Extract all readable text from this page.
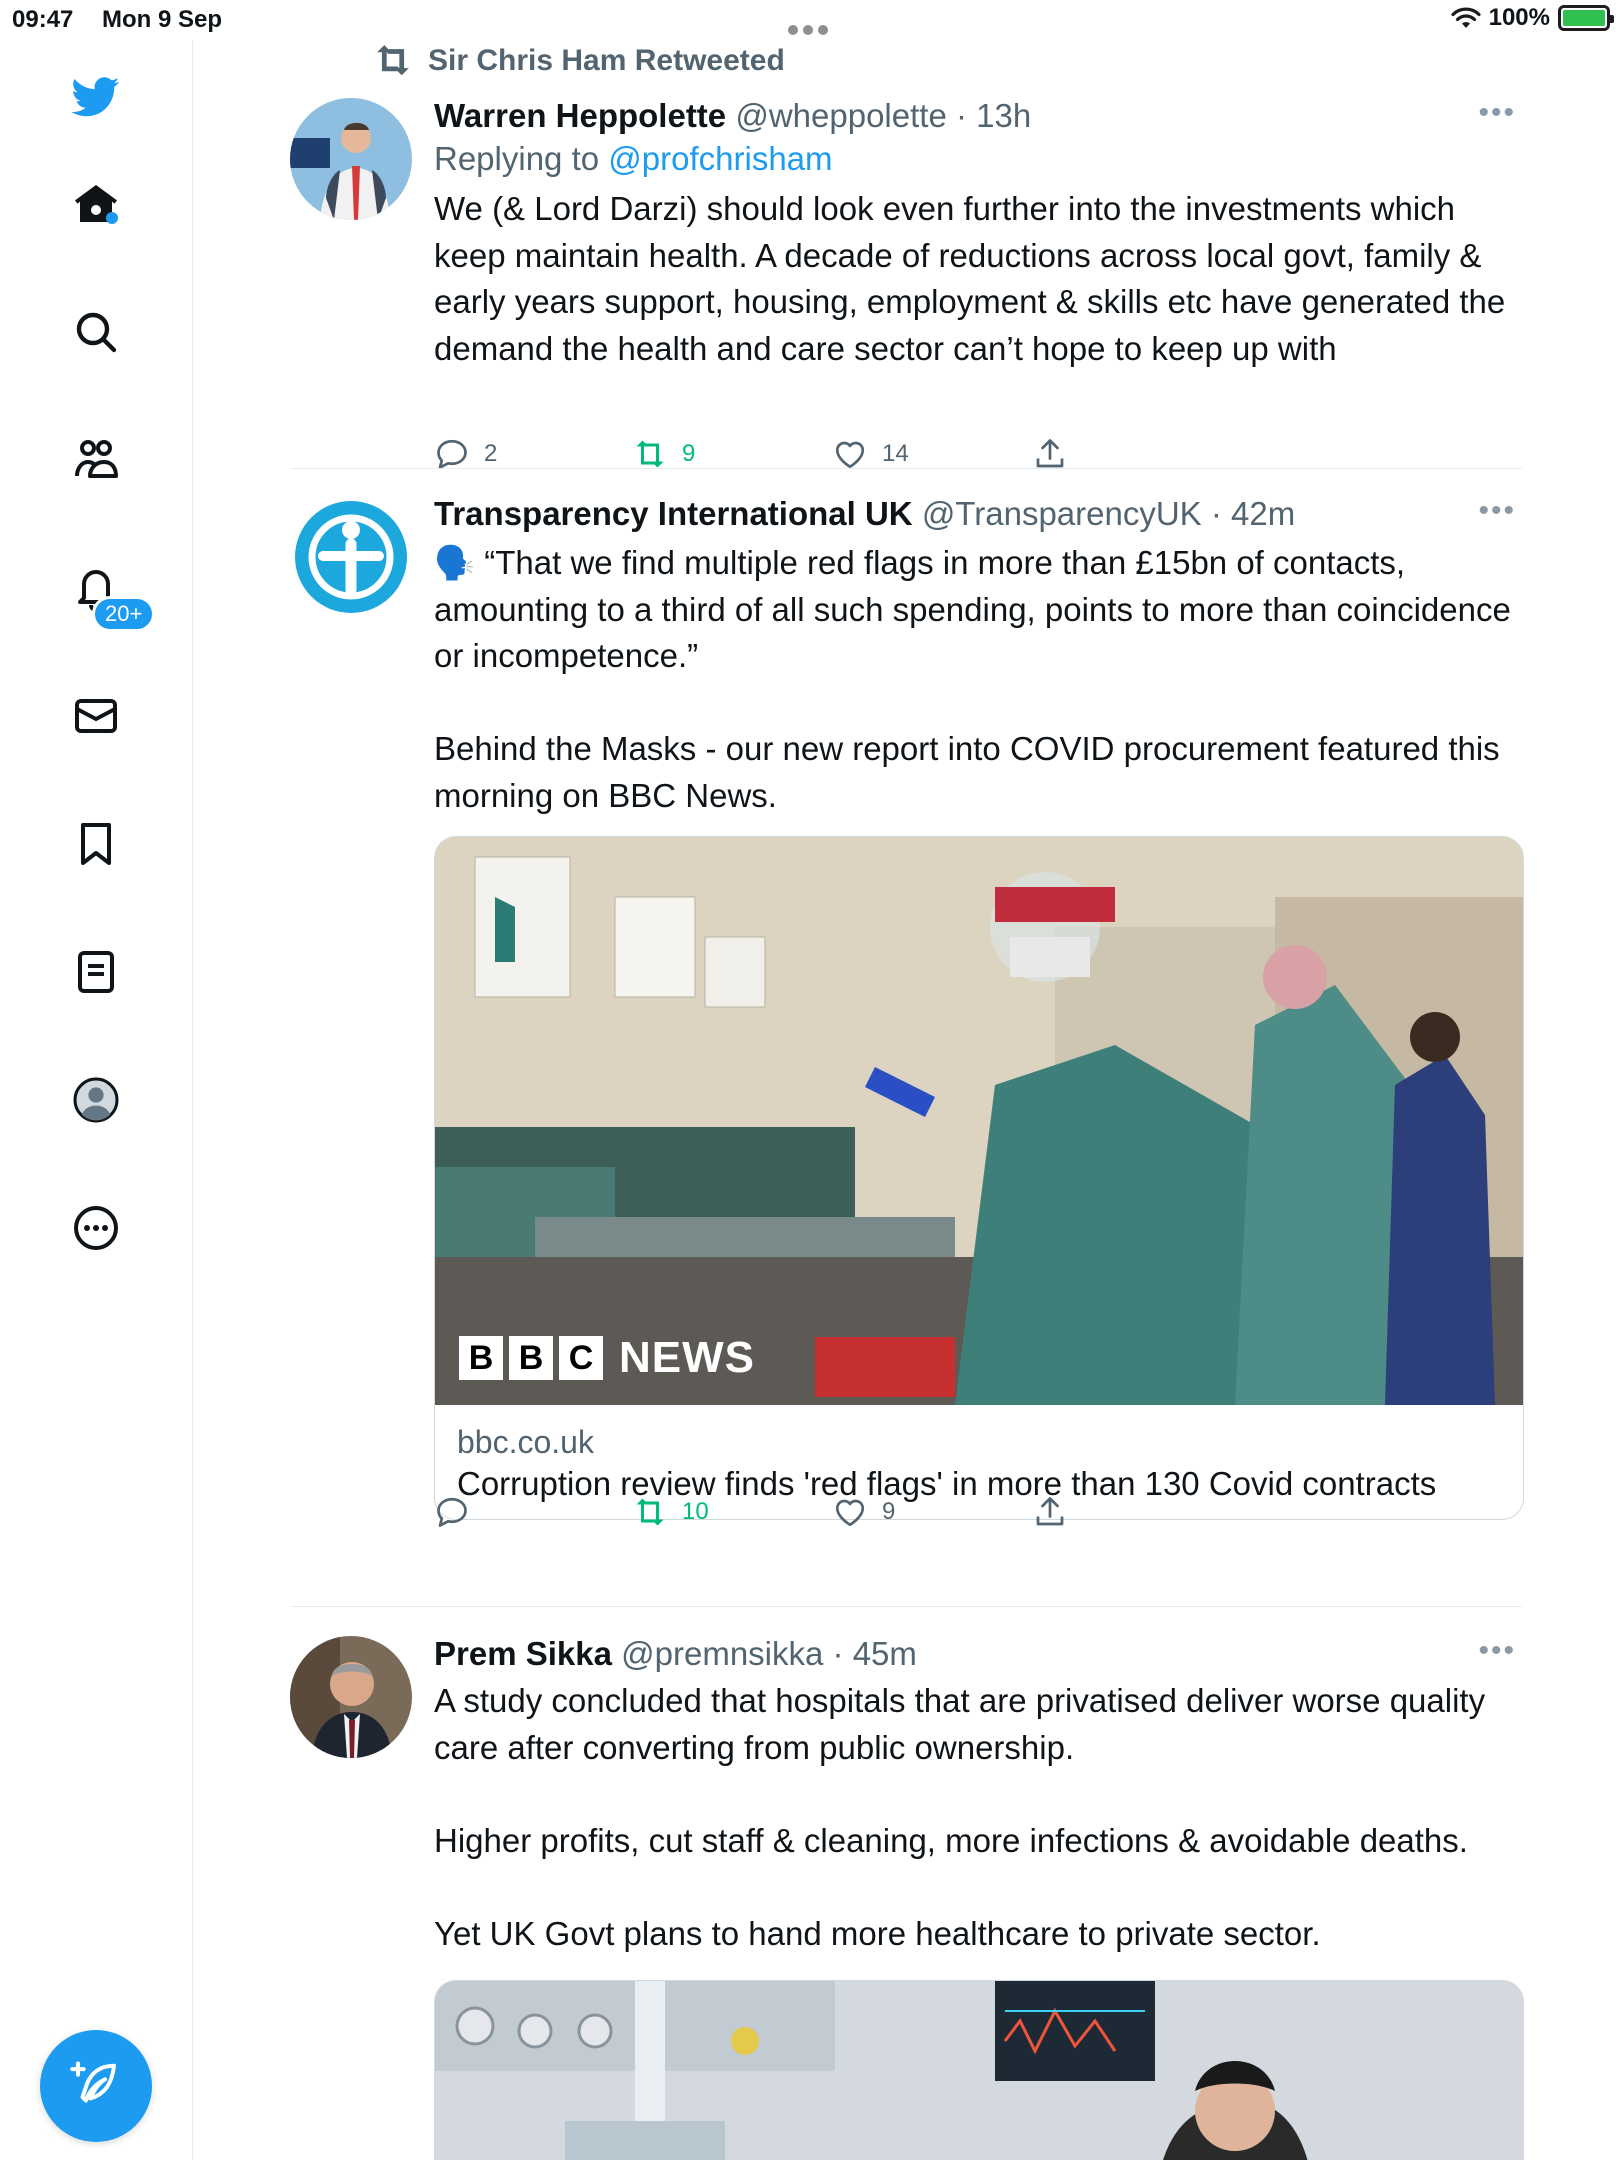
09:47 Mon 9 Sep	100%
20+
Sir Chris Ham Retweeted
Warren Heppolette @wheppolette · 13h	•••
Replying to @profchrisham
We (& Lord Darzi) should look even further into the investments which keep maintain health. A decade of reductions across local govt, family & early years support, housing, employment & skills etc have generated the demand the health and care sector can’t hope to keep up with
2	9	14
Transparency International UK @TransparencyUK · 42m	•••
🗣️ “That we find multiple red flags in more than £15bn of contacts, amounting to a third of all such spending, points to more than coincidence or incompetence.”

Behind the Masks - our new report into COVID procurement featured this morning on BBC News.
B B C NEWS
bbc.co.uk
Corruption review finds 'red flags' in more than 130 Covid contracts
10	9
Prem Sikka @premnsikka · 45m	•••
A study concluded that hospitals that are privatised deliver worse quality care after converting from public ownership.

Higher profits, cut staff & cleaning, more infections & avoidable deaths.

Yet UK Govt plans to hand more healthcare to private sector.
